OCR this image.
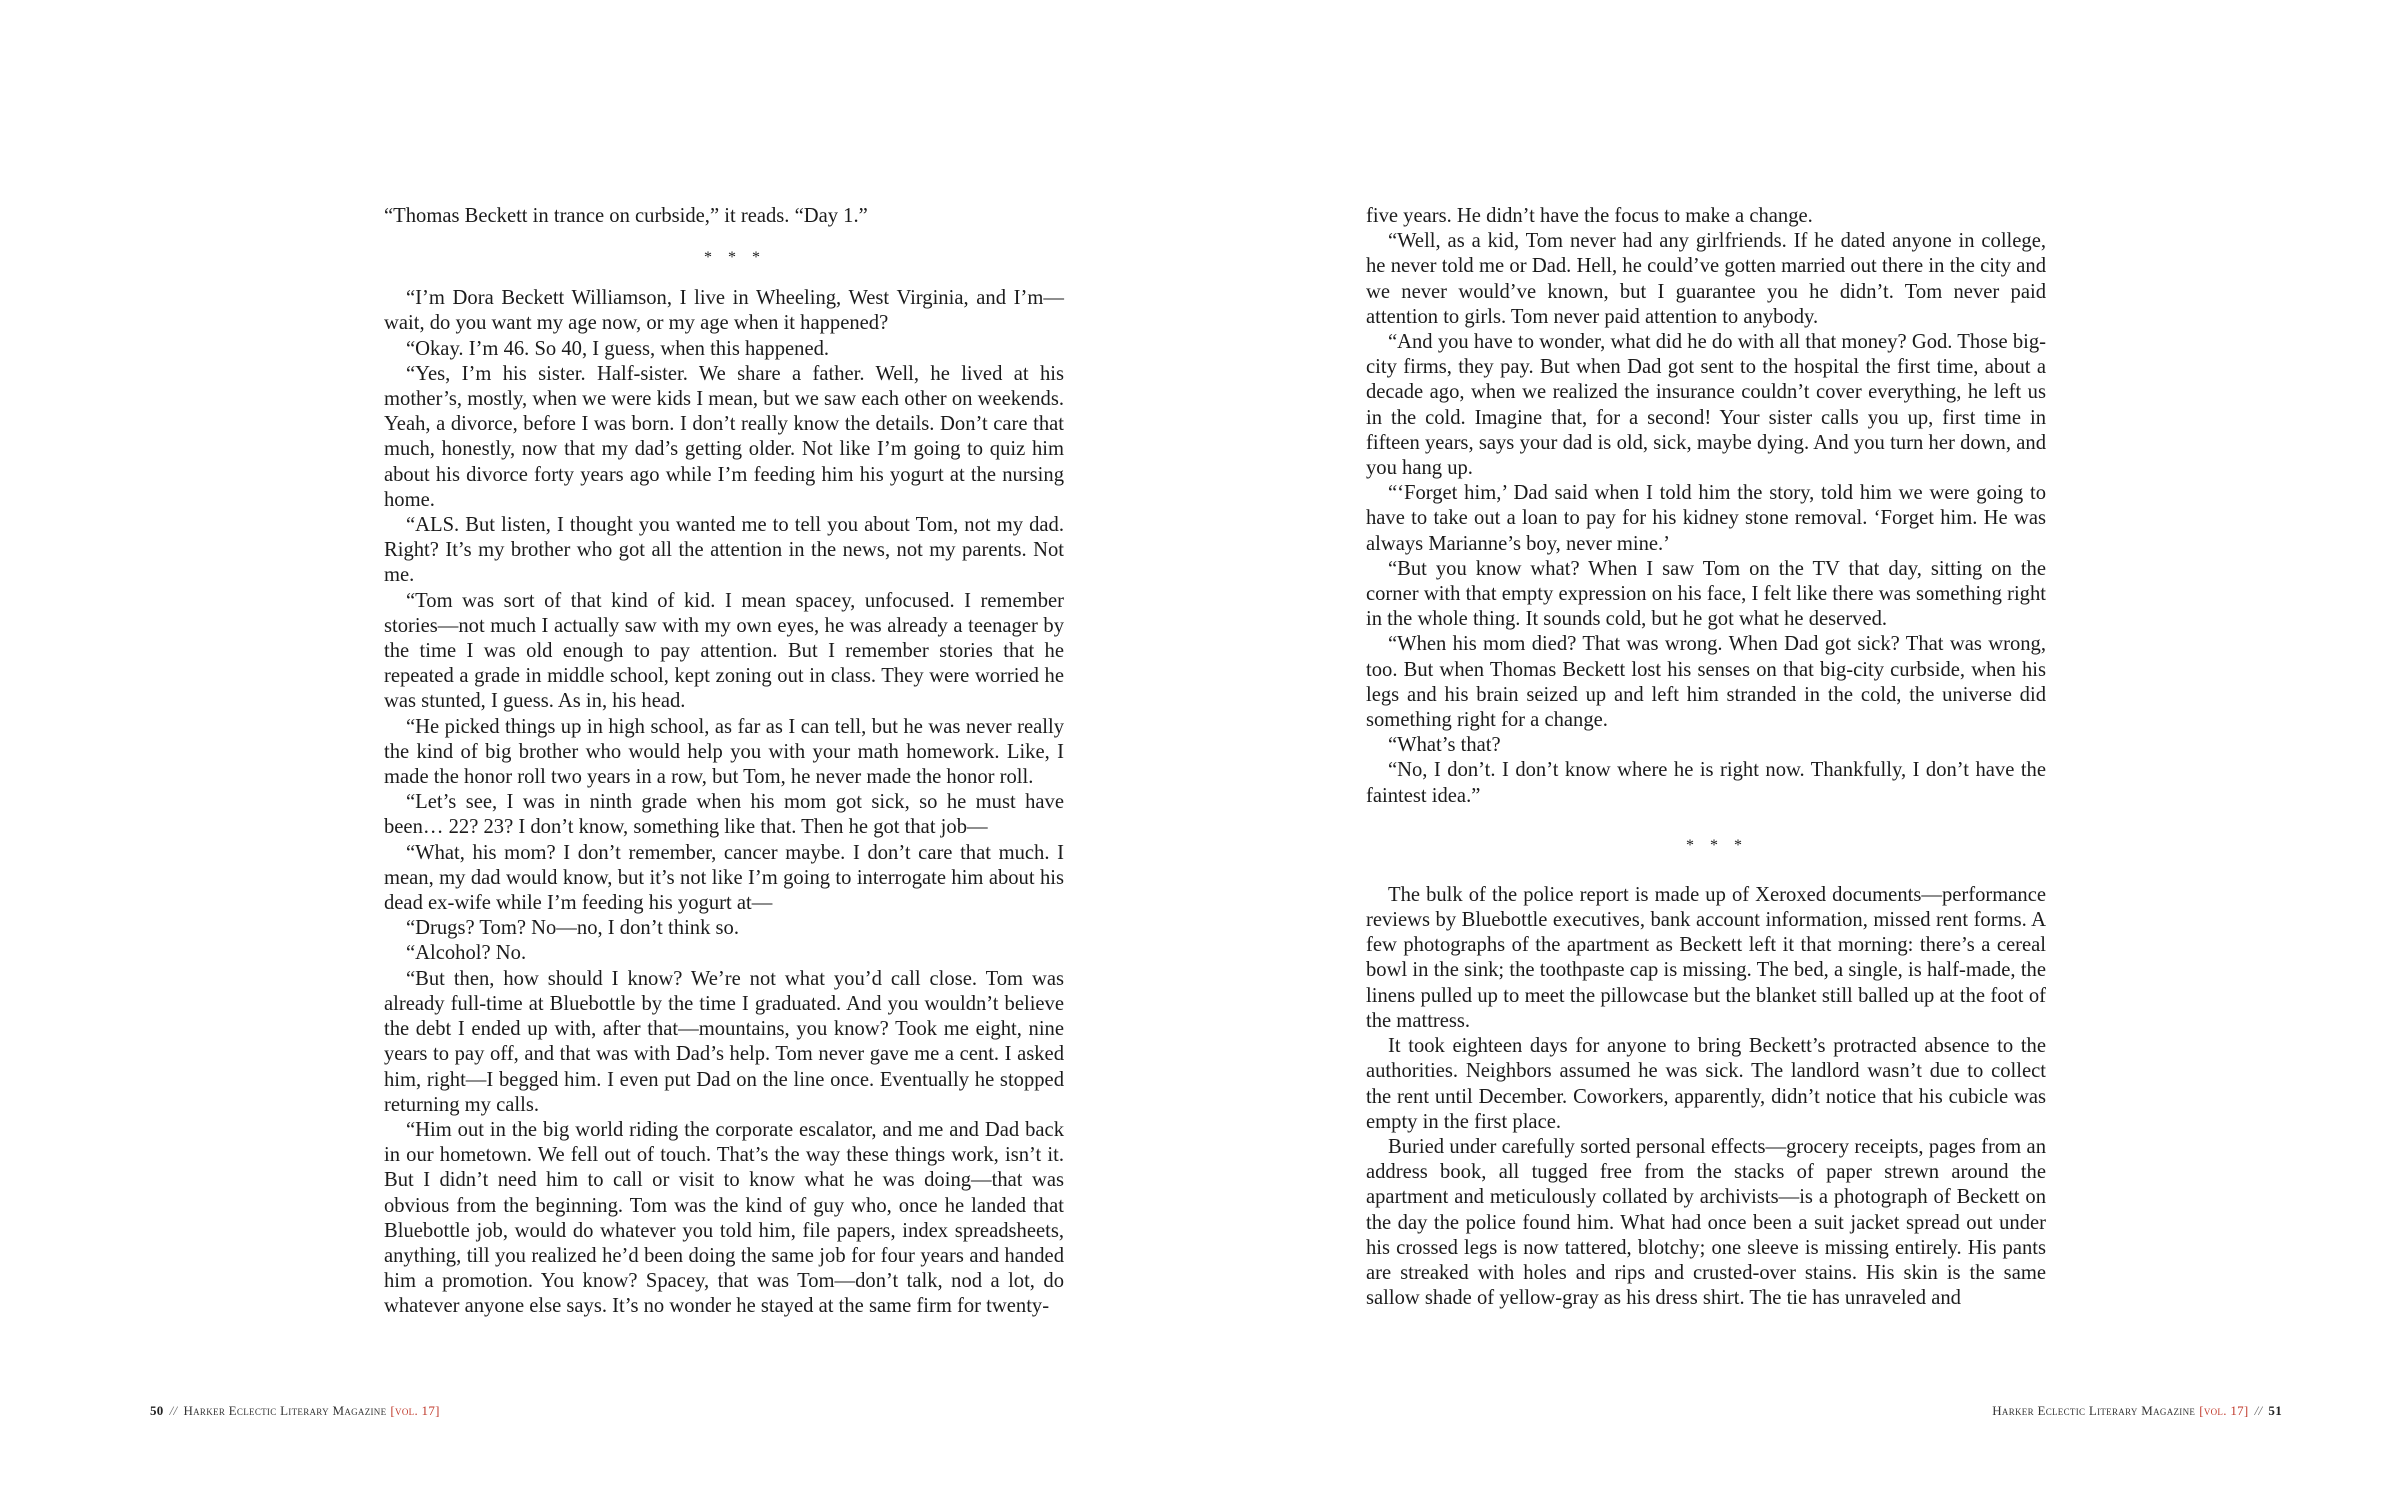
“Thomas Beckett in trance on curbside,” it reads. “Day 1.”

* * *

“I’m Dora Beckett Williamson, I live in Wheeling, West Virginia, and I’m—wait, do you want my age now, or my age when it happened?

“Okay. I’m 46. So 40, I guess, when this happened.

“Yes, I’m his sister. Half-sister. We share a father. Well, he lived at his mother’s, mostly, when we were kids I mean, but we saw each other on weekends. Yeah, a divorce, before I was born. I don’t really know the details. Don’t care that much, honestly, now that my dad’s getting older. Not like I’m going to quiz him about his divorce forty years ago while I’m feeding him his yogurt at the nursing home.

“ALS. But listen, I thought you wanted me to tell you about Tom, not my dad. Right? It’s my brother who got all the attention in the news, not my parents. Not me.

“Tom was sort of that kind of kid. I mean spacey, unfocused. I remember stories—not much I actually saw with my own eyes, he was already a teenager by the time I was old enough to pay attention. But I remember stories that he repeated a grade in middle school, kept zoning out in class. They were worried he was stunted, I guess. As in, his head.

“He picked things up in high school, as far as I can tell, but he was never really the kind of big brother who would help you with your math homework. Like, I made the honor roll two years in a row, but Tom, he never made the honor roll.

“Let’s see, I was in ninth grade when his mom got sick, so he must have been… 22? 23? I don’t know, something like that. Then he got that job—

“What, his mom? I don’t remember, cancer maybe. I don’t care that much. I mean, my dad would know, but it’s not like I’m going to interrogate him about his dead ex-wife while I’m feeding his yogurt at—

“Drugs? Tom? No—no, I don’t think so.

“Alcohol? No.

“But then, how should I know? We’re not what you’d call close. Tom was already full-time at Bluebottle by the time I graduated. And you wouldn’t believe the debt I ended up with, after that—mountains, you know? Took me eight, nine years to pay off, and that was with Dad’s help. Tom never gave me a cent. I asked him, right—I begged him. I even put Dad on the line once. Eventually he stopped returning my calls.

“Him out in the big world riding the corporate escalator, and me and Dad back in our hometown. We fell out of touch. That’s the way these things work, isn’t it. But I didn’t need him to call or visit to know what he was doing—that was obvious from the beginning. Tom was the kind of guy who, once he landed that Bluebottle job, would do whatever you told him, file papers, index spreadsheets, anything, till you realized he’d been doing the same job for four years and handed him a promotion. You know? Spacey, that was Tom—don’t talk, nod a lot, do whatever anyone else says. It’s no wonder he stayed at the same firm for twenty-

50 // Harker Eclectic Literary Magazine [vol. 17]

five years. He didn’t have the focus to make a change.

“Well, as a kid, Tom never had any girlfriends. If he dated anyone in college, he never told me or Dad. Hell, he could’ve gotten married out there in the city and we never would’ve known, but I guarantee you he didn’t. Tom never paid attention to girls. Tom never paid attention to anybody.

“And you have to wonder, what did he do with all that money? God. Those big-city firms, they pay. But when Dad got sent to the hospital the first time, about a decade ago, when we realized the insurance couldn’t cover everything, he left us in the cold. Imagine that, for a second! Your sister calls you up, first time in fifteen years, says your dad is old, sick, maybe dying. And you turn her down, and you hang up.

“‘Forget him,’ Dad said when I told him the story, told him we were going to have to take out a loan to pay for his kidney stone removal. ‘Forget him. He was always Marianne’s boy, never mine.’

“But you know what? When I saw Tom on the TV that day, sitting on the corner with that empty expression on his face, I felt like there was something right in the whole thing. It sounds cold, but he got what he deserved.

“When his mom died? That was wrong. When Dad got sick? That was wrong, too. But when Thomas Beckett lost his senses on that big-city curbside, when his legs and his brain seized up and left him stranded in the cold, the universe did something right for a change.

“What’s that?

“No, I don’t. I don’t know where he is right now. Thankfully, I don’t have the faintest idea.”

* * *

The bulk of the police report is made up of Xeroxed documents—performance reviews by Bluebottle executives, bank account information, missed rent forms. A few photographs of the apartment as Beckett left it that morning: there’s a cereal bowl in the sink; the toothpaste cap is missing. The bed, a single, is half-made, the linens pulled up to meet the pillowcase but the blanket still balled up at the foot of the mattress.

It took eighteen days for anyone to bring Beckett’s protracted absence to the authorities. Neighbors assumed he was sick. The landlord wasn’t due to collect the rent until December. Coworkers, apparently, didn’t notice that his cubicle was empty in the first place.

Buried under carefully sorted personal effects—grocery receipts, pages from an address book, all tugged free from the stacks of paper strewn around the apartment and meticulously collated by archivists—is a photograph of Beckett on the day the police found him. What had once been a suit jacket spread out under his crossed legs is now tattered, blotchy; one sleeve is missing entirely. His pants are streaked with holes and rips and crusted-over stains. His skin is the same sallow shade of yellow-gray as his dress shirt. The tie has unraveled and

Harker Eclectic Literary Magazine [vol. 17] // 51
